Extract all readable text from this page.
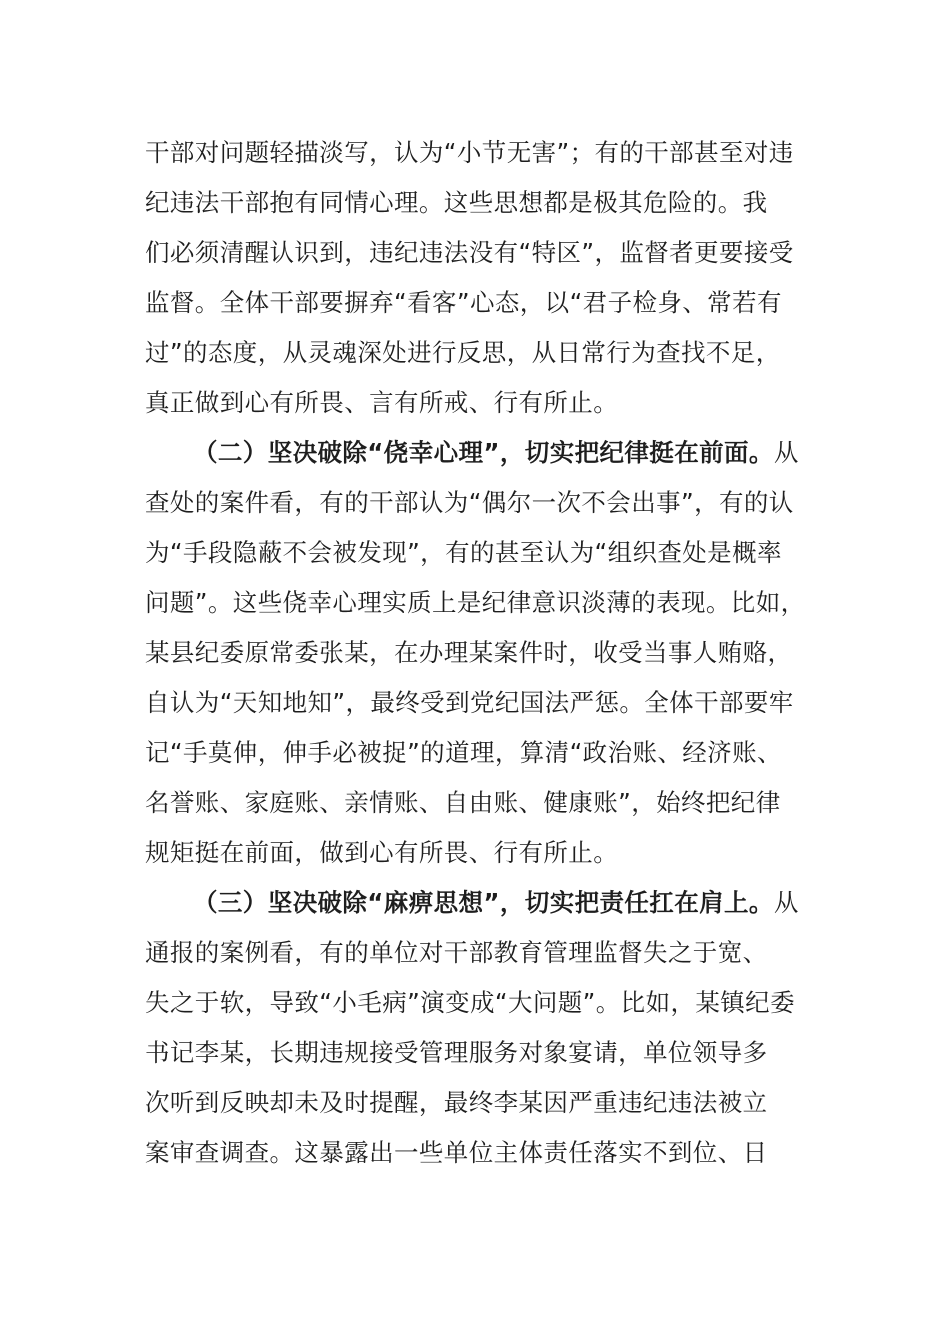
干部对问题轻描淡写，认为“小节无害”；有的干部甚至对违
纪违法干部抱有同情心理。这些思想都是极其危险的。我
们必须清醒认识到，违纪违法没有“特区”，监督者更要接受
监督。全体干部要摒弃“看客”心态，以“君子检身、常若有
过”的态度，从灵魂深处进行反思，从日常行为查找不足，
真正做到心有所畏、言有所戒、行有所止。
（二）坚决破除“侥幸心理”，切实把纪律挺在前面。从
查处的案件看，有的干部认为“偶尔一次不会出事”，有的认
为“手段隐蔽不会被发现”，有的甚至认为“组织查处是概率
问题”。这些侥幸心理实质上是纪律意识淡薄的表现。比如，
某县纪委原常委张某，在办理某案件时，收受当事人贿赂，
自认为“天知地知”，最终受到党纪国法严惩。全体干部要牢
记“手莫伸，伸手必被捉”的道理，算清“政治账、经济账、
名誉账、家庭账、亲情账、自由账、健康账”，始终把纪律
规矩挺在前面，做到心有所畏、行有所止。
（三）坚决破除“麻痹思想”，切实把责任扛在肩上。从
通报的案例看，有的单位对干部教育管理监督失之于宽、
失之于软，导致“小毛病”演变成“大问题”。比如，某镇纪委
书记李某，长期违规接受管理服务对象宴请，单位领导多
次听到反映却未及时提醒，最终李某因严重违纪违法被立
案审查调查。这暴露出一些单位主体责任落实不到位、日
